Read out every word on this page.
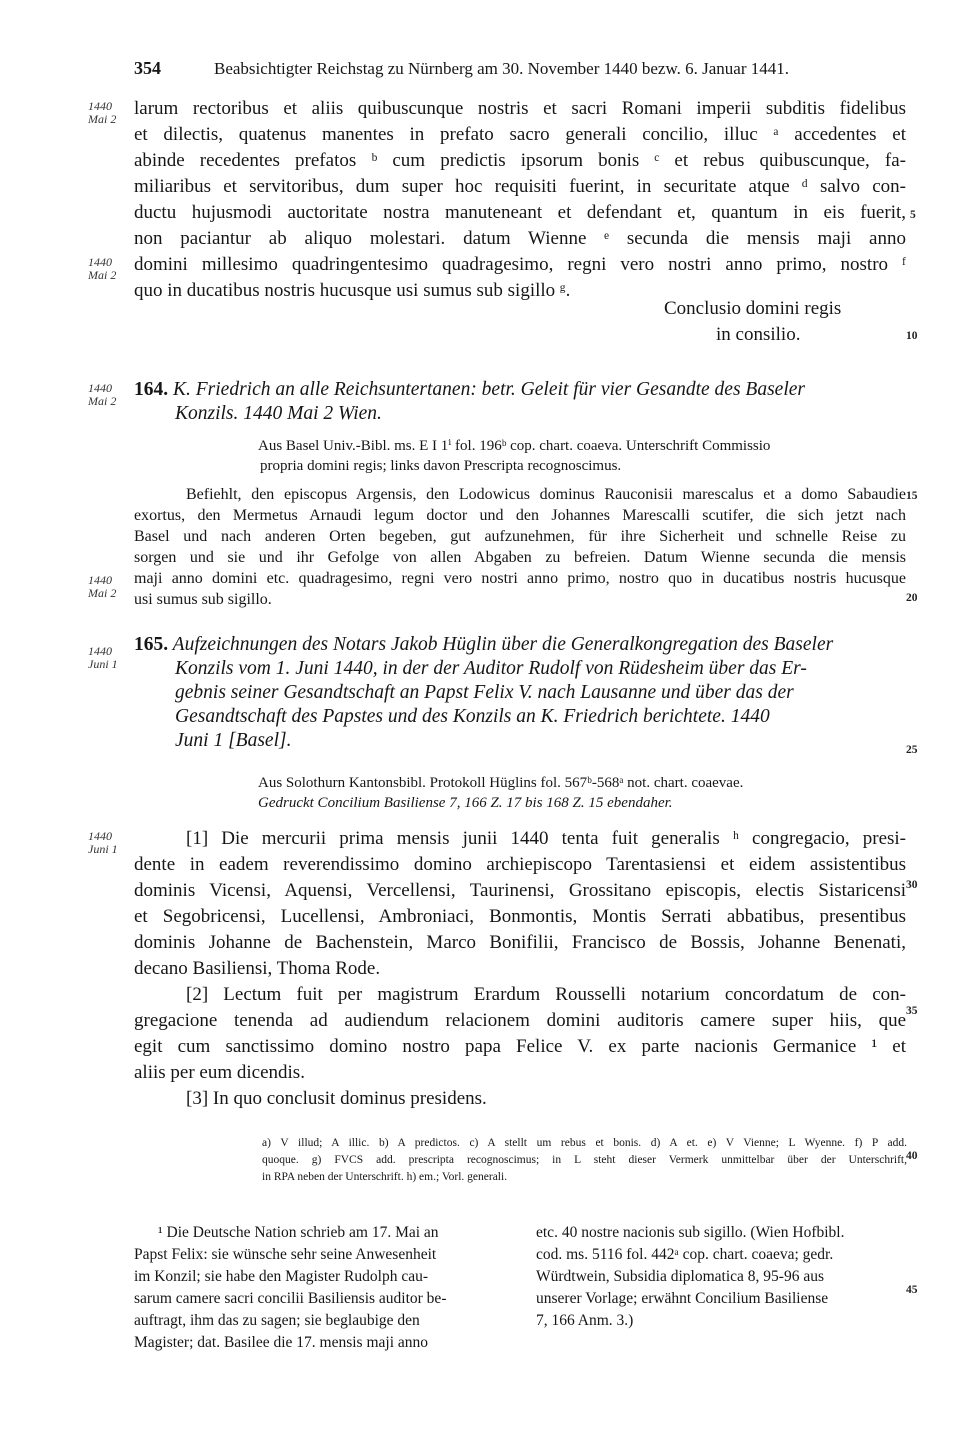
354	Beabsichtigter Reichstag zu Nürnberg am 30. November 1440 bezw. 6. Januar 1441.
1440
Mai 2
1440
Mai 2
1440
Mai 2
1440
Mai 2
1440
Juni 1
1440
Juni 1
5
10
15
20
25
30
35
40
45
larum rectoribus et aliis quibuscunque nostris et sacri Romani imperii subditis fidelibus
et dilectis, quatenus manentes in prefato sacro generali concilio, illuc ᵃ accedentes et
abinde recedentes prefatos ᵇ cum predictis ipsorum bonis ᶜ et rebus quibuscunque, fa-
miliaribus et servitoribus, dum super hoc requisiti fuerint, in securitate atque ᵈ salvo con-
ductu hujusmodi auctoritate nostra manuteneant et defendant et, quantum in eis fuerit,
non paciantur ab aliquo molestari. datum Wienne ᵉ secunda die mensis maji anno
domini millesimo quadringentesimo quadragesimo, regni vero nostri anno primo, nostro ᶠ
quo in ducatibus nostris hucusque usi sumus sub sigillo ᵍ.
Conclusio domini regis
in consilio.
164. K. Friedrich an alle Reichsuntertanen: betr. Geleit für vier Gesandte des Baseler
Konzils. 1440 Mai 2 Wien.
Aus Basel Univ.-Bibl. ms. E I 1ⁱ fol. 196ᵇ cop. chart. coaeva. Unterschrift Commissio
propria domini regis; links davon Prescripta recognoscimus.
Befiehlt, den episcopus Argensis, den Lodowicus dominus Rauconisii marescalus et a domo Sabaudie
exortus, den Mermetus Arnaudi legum doctor und den Johannes Marescalli scutifer, die sich jetzt nach
Basel und nach anderen Orten begeben, gut aufzunehmen, für ihre Sicherheit und schnelle Reise zu
sorgen und sie und ihr Gefolge von allen Abgaben zu befreien. Datum Wienne secunda die mensis
maji anno domini etc. quadragesimo, regni vero nostri anno primo, nostro quo in ducatibus nostris hucusque
usi sumus sub sigillo.
165. Aufzeichnungen des Notars Jakob Hüglin über die Generalkongregation des Baseler
Konzils vom 1. Juni 1440, in der der Auditor Rudolf von Rüdesheim über das Er-
gebnis seiner Gesandtschaft an Papst Felix V. nach Lausanne und über das der
Gesandtschaft des Papstes und des Konzils an K. Friedrich berichtete. 1440
Juni 1 [Basel].
Aus Solothurn Kantonsbibl. Protokoll Hüglins fol. 567ᵇ-568ᵃ not. chart. coaevae.
Gedruckt Concilium Basiliense 7, 166 Z. 17 bis 168 Z. 15 ebendaher.
[1] Die mercurii prima mensis junii 1440 tenta fuit generalis ʰ congregacio, presi-
dente in eadem reverendissimo domino archiepiscopo Tarentasiensi et eidem assistentibus
dominis Vicensi, Aquensi, Vercellensi, Taurinensi, Grossitano episcopis, electis Sistaricensi
et Segobricensi, Lucellensi, Ambroniaci, Bonmontis, Montis Serrati abbatibus, presentibus
dominis Johanne de Bachenstein, Marco Bonifilii, Francisco de Bossis, Johanne Benenati,
decano Basiliensi, Thoma Rode.
[2] Lectum fuit per magistrum Erardum Rousselli notarium concordatum de con-
gregacione tenenda ad audiendum relacionem domini auditoris camere super hiis, que
egit cum sanctissimo domino nostro papa Felice V. ex parte nacionis Germanice ¹ et
aliis per eum dicendis.
[3] In quo conclusit dominus presidens.
a) V illud; A illic. b) A predictos. c) A stellt um rebus et bonis. d) A et. e) V Vienne; L Wyenne. f) P add.
quoque. g) FVCS add. prescripta recognoscimus; in L steht dieser Vermerk unmittelbar über der Unterschrift,
in RPA neben der Unterschrift. h) em.; Vorl. generali.
¹ Die Deutsche Nation schrieb am 17. Mai an
Papst Felix: sie wünsche sehr seine Anwesenheit
im Konzil; sie habe den Magister Rudolph cau-
sarum camere sacri concilii Basiliensis auditor be-
auftragt, ihm das zu sagen; sie beglaubige den
Magister; dat. Basilee die 17. mensis maji anno
etc. 40 nostre nacionis sub sigillo. (Wien Hofbibl.
cod. ms. 5116 fol. 442ᵃ cop. chart. coaeva; gedr.
Würdtwein, Subsidia diplomatica 8, 95-96 aus
unserer Vorlage; erwähnt Concilium Basiliense
7, 166 Anm. 3.)
